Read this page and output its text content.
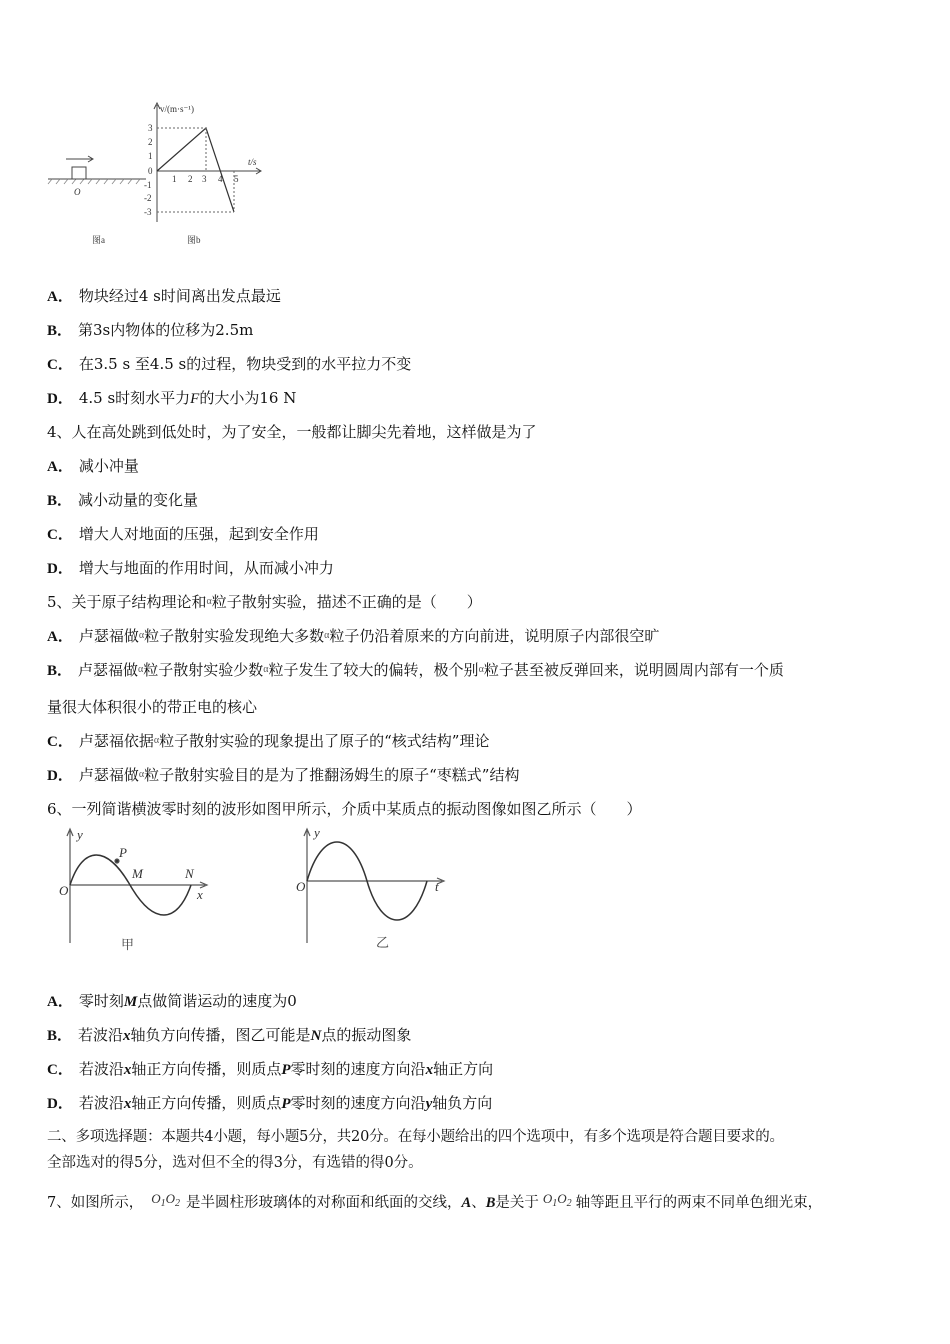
v/(m·s⁻¹)
t/s
3
2
1
0
-1
-2
-3
1 2 3 4 5
O
图a	图b
A． 物块经过4 s时间离出发点最远
B． 第3s内物体的位移为2.5m
C． 在3.5 s 至4.5 s的过程，物块受到的水平拉力不变
D． 4.5 s时刻水平力F的大小为16 N
4、人在高处跳到低处时，为了安全，一般都让脚尖先着地，这样做是为了
A． 减小冲量
B． 减小动量的变化量
C． 增大人对地面的压强，起到安全作用
D． 增大与地面的作用时间，从而减小冲力
5、关于原子结构理论和$^\alpha$粒子散射实验，描述不正确的是（　　）
A． 卢瑟福做$^\alpha$粒子散射实验发现绝大多数$^\alpha$粒子仍沿着原来的方向前进，说明原子内部很空旷
B． 卢瑟福做$^\alpha$粒子散射实验少数$^\alpha$粒子发生了较大的偏转，极个别$^\alpha$粒子甚至被反弹回来，说明圆周内部有一个质
量很大体积很小的带正电的核心
C． 卢瑟福依据$^\alpha$粒子散射实验的现象提出了原子的“核式结构”理论
D． 卢瑟福做$^\alpha$粒子散射实验目的是为了推翻汤姆生的原子“枣糕式”结构
6、一列简谐横波零时刻的波形如图甲所示，介质中某质点的振动图像如图乙所示（　　）
y
O
P
M	N
x
甲
y
O	t
乙
A． 零时刻M点做简谐运动的速度为0
B． 若波沿x轴负方向传播，图乙可能是N点的振动图象
C． 若波沿x轴正方向传播，则质点P零时刻的速度方向沿x轴正方向
D． 若波沿x轴正方向传播，则质点P零时刻的速度方向沿y轴负方向
二、多项选择题：本题共4小题，每小题5分，共20分。在每小题给出的四个选项中，有多个选项是符合题目要求的。
全部选对的得5分，选对但不全的得3分，有选错的得0分。
7、如图所示， $O_1O_2$ 是半圆柱形玻璃体的对称面和纸面的交线，A、B是关于 $O_1O_2$ 轴等距且平行的两束不同单色细光束，
